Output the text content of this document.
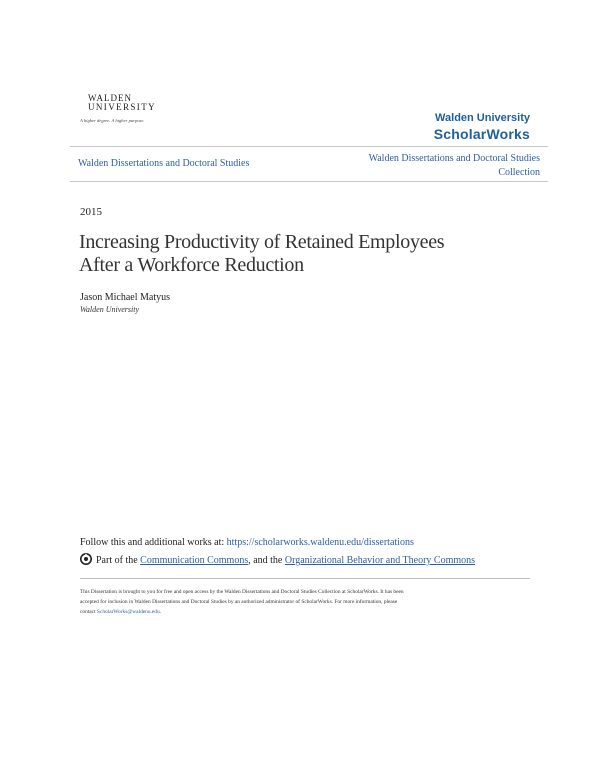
WALDEN
UNIVERSITY
A higher degree. A higher purpose.	Walden University
ScholarWorks
Walden Dissertations and Doctoral Studies	Walden Dissertations and Doctoral Studies
Collection
2015
Increasing Productivity of Retained Employees
After a Workforce Reduction
Jason Michael Matyus
Walden University
Follow this and additional works at: https://scholarworks.waldenu.edu/dissertations
Part of the Communication Commons, and the Organizational Behavior and Theory Commons
This Dissertation is brought to you for free and open access by the Walden Dissertations and Doctoral Studies Collection at ScholarWorks. It has been
accepted for inclusion in Walden Dissertations and Doctoral Studies by an authorized administrator of ScholarWorks. For more information, please
contact ScholarWorks@waldenu.edu.
